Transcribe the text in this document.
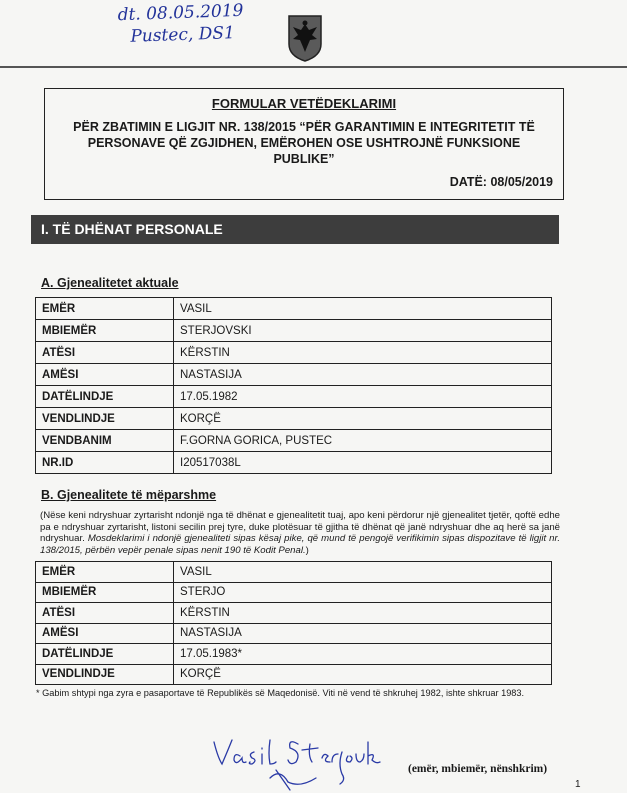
dt. 08.05.2019
Pustec, DS1
FORMULAR VETËDEKLARIMI
PËR ZBATIMIN E LIGJIT NR. 138/2015 “PËR GARANTIMIN E INTEGRITETIT TË PERSONAVE QË ZGJIDHEN, EMËROHEN OSE USHTROJNË FUNKSIONE PUBLIKE”
DATË: 08/05/2019
I. TË DHËNAT PERSONALE
A. Gjenealitetet aktuale
EMËR	VASIL
MBIEMËR	STERJOVSKI
ATËSI	KËRSTIN
AMËSI	NASTASIJA
DATËLINDJE	17.05.1982
VENDLINDJE	KORÇË
VENDBANIM	F.GORNA GORICA, PUSTEC
NR.ID	I20517038L
B. Gjenealitete të mëparshme
(Nëse keni ndryshuar zyrtarisht ndonjë nga të dhënat e gjenealitetit tuaj, apo keni përdorur një gjenealitet tjetër, qoftë edhe pa e ndryshuar zyrtarisht, listoni secilin prej tyre, duke plotësuar të gjitha të dhënat që janë ndryshuar dhe aq herë sa janë ndryshuar. Mosdeklarimi i ndonjë gjenealiteti sipas kësaj pike, që mund të pengojë verifikimin sipas dispozitave të ligjit nr. 138/2015, përbën vepër penale sipas nenit 190 të Kodit Penal.)
EMËR	VASIL
MBIEMËR	STERJO
ATËSI	KËRSTIN
AMËSI	NASTASIJA
DATËLINDJE	17.05.1983*
VENDLINDJE	KORÇË
* Gabim shtypi nga zyra e pasaportave të Republikës së Maqedonisë. Viti në vend të shkruhej 1982, ishte shkruar 1983.
(emër, mbiemër, nënshkrim)
1
